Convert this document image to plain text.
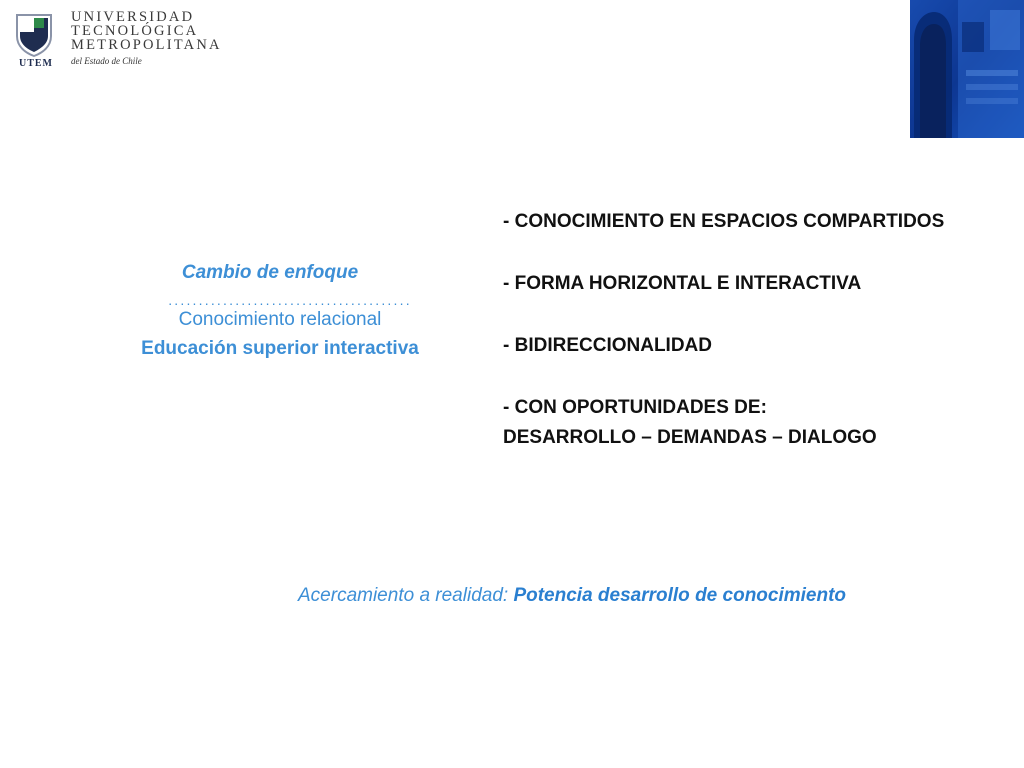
UTEM
UNIVERSIDAD
TECNOLÓGICA
METROPOLITANA
del Estado de Chile
Cambio de enfoque
........................................
Conocimiento relacional
Educación superior interactiva
- CONOCIMIENTO EN ESPACIOS COMPARTIDOS
- FORMA HORIZONTAL E INTERACTIVA
- BIDIRECCIONALIDAD
- CON OPORTUNIDADES DE:
DESARROLLO – DEMANDAS – DIALOGO
Acercamiento a realidad: Potencia desarrollo de conocimiento
